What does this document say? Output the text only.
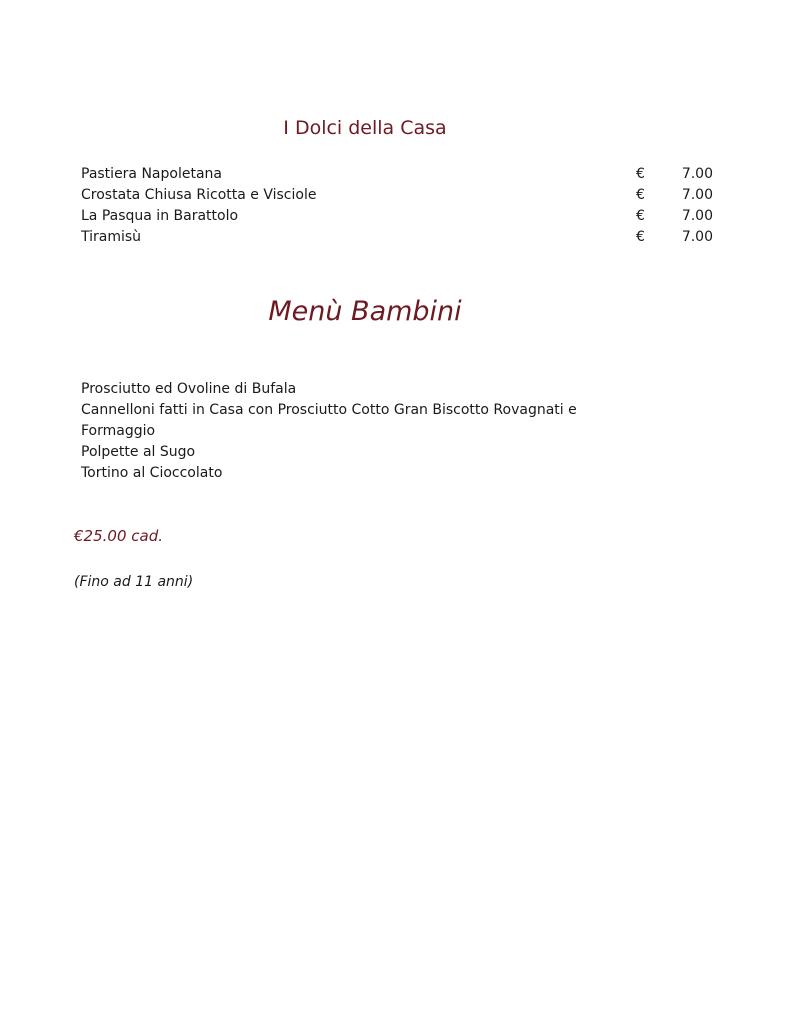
I Dolci della Casa
Pastiera Napoletana	€	7.00
Crostata Chiusa Ricotta e Visciole	€	7.00
La Pasqua in Barattolo	€	7.00
Tiramisù	€	7.00
Menù Bambini
Prosciutto ed Ovoline di Bufala
Cannelloni fatti in Casa con Prosciutto Cotto Gran Biscotto Rovagnati e
Formaggio
Polpette al Sugo
Tortino al Cioccolato
€25.00 cad.
(Fino ad 11 anni)
